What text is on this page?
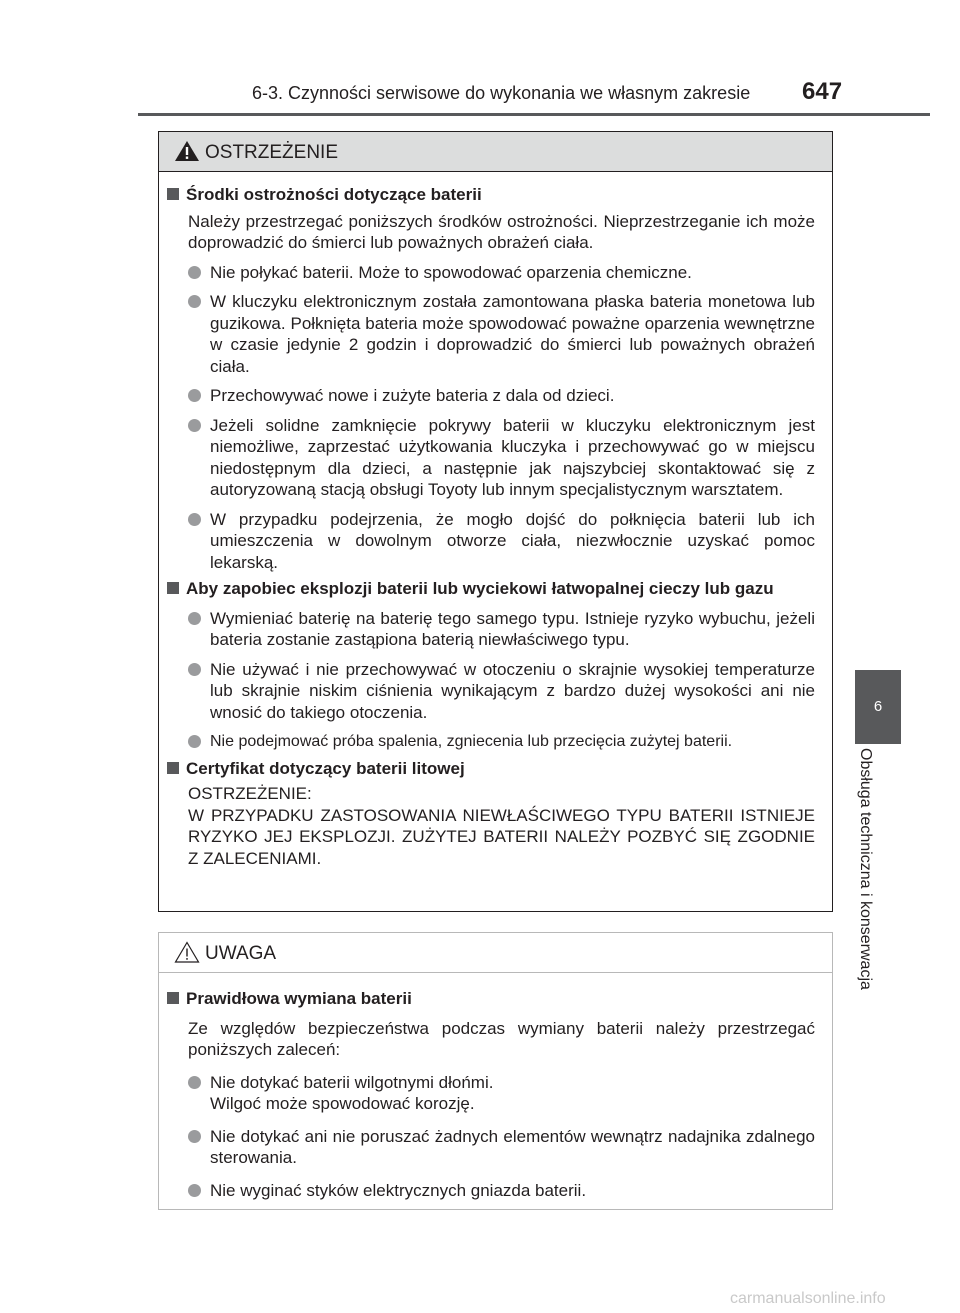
6-3. Czynności serwisowe do wykonania we własnym zakresie 647
6
Obsługa techniczna i konserwacja
OSTRZEŻENIE
Środki ostrożności dotyczące baterii
Należy przestrzegać poniższych środków ostrożności. Nieprzestrzeganie ich może doprowadzić do śmierci lub poważnych obrażeń ciała.
Nie połykać baterii. Może to spowodować oparzenia chemiczne.
W kluczyku elektronicznym została zamontowana płaska bateria monetowa lub guzikowa. Połknięta bateria może spowodować poważne oparzenia wewnętrzne w czasie jedynie 2 godzin i doprowadzić do śmierci lub poważnych obrażeń ciała.
Przechowywać nowe i zużyte bateria z dala od dzieci.
Jeżeli solidne zamknięcie pokrywy baterii w kluczyku elektronicznym jest niemożliwe, zaprzestać użytkowania kluczyka i przechowywać go w miejscu niedostępnym dla dzieci, a następnie jak najszybciej skontaktować się z autoryzowaną stacją obsługi Toyoty lub innym specjalistycznym warsztatem.
W przypadku podejrzenia, że mogło dojść do połknięcia baterii lub ich umieszczenia w dowolnym otworze ciała, niezwłocznie uzyskać pomoc lekarską.
Aby zapobiec eksplozji baterii lub wyciekowi łatwopalnej cieczy lub gazu
Wymieniać baterię na baterię tego samego typu. Istnieje ryzyko wybuchu, jeżeli bateria zostanie zastąpiona baterią niewłaściwego typu.
Nie używać i nie przechowywać w otoczeniu o skrajnie wysokiej temperaturze lub skrajnie niskim ciśnienia wynikającym z bardzo dużej wysokości ani nie wnosić do takiego otoczenia.
Nie podejmować próba spalenia, zgniecenia lub przecięcia zużytej baterii.
Certyfikat dotyczący baterii litowej
OSTRZEŻENIE:
W PRZYPADKU ZASTOSOWANIA NIEWŁAŚCIWEGO TYPU BATERII ISTNIEJE RYZYKO JEJ EKSPLOZJI. ZUŻYTEJ BATERII NALEŻY POZBYĆ SIĘ ZGODNIE Z ZALECENIAMI.
UWAGA
Prawidłowa wymiana baterii
Ze względów bezpieczeństwa podczas wymiany baterii należy przestrzegać poniższych zaleceń:
Nie dotykać baterii wilgotnymi dłońmi.
Wilgoć może spowodować korozję.
Nie dotykać ani nie poruszać żadnych elementów wewnątrz nadajnika zdalnego sterowania.
Nie wyginać styków elektrycznych gniazda baterii.
carmanualsonline.info
